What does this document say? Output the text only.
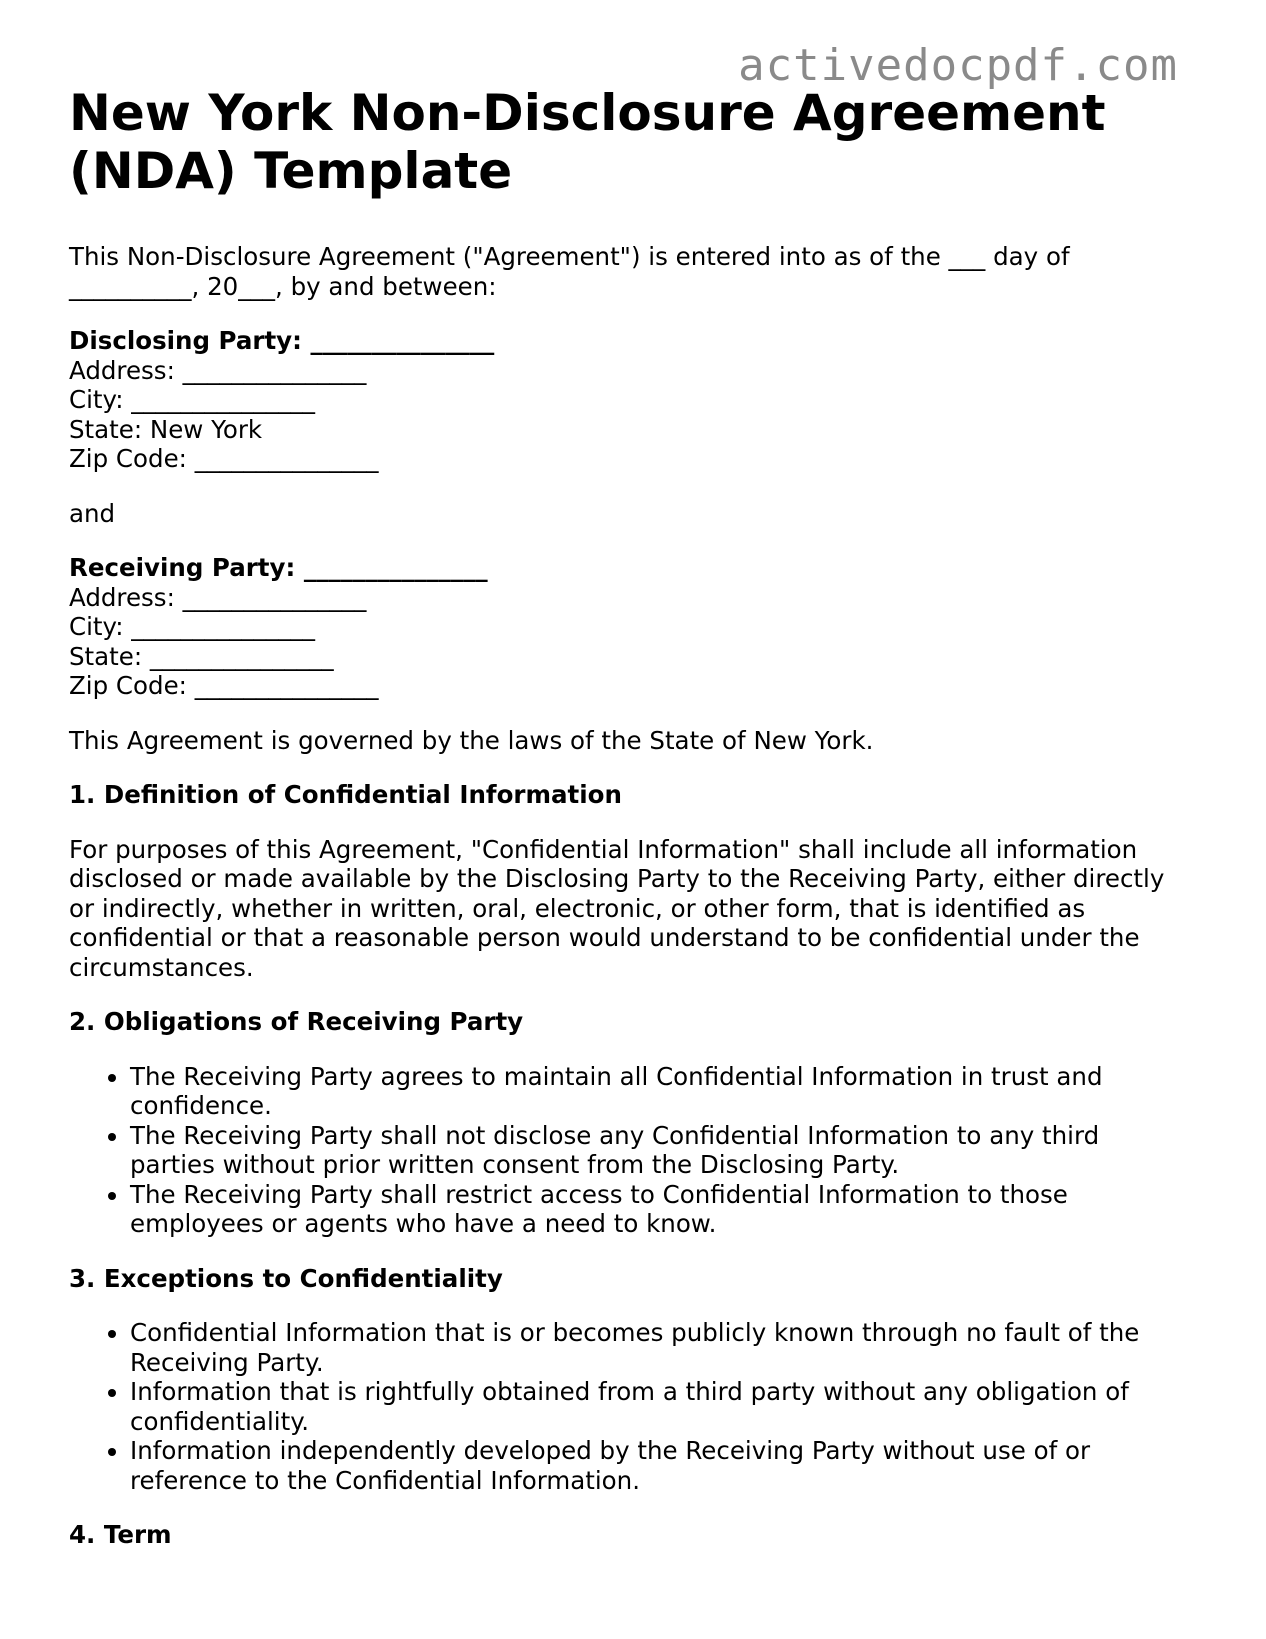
activedocpdf.com
New York Non-Disclosure Agreement (NDA) Template

This Non-Disclosure Agreement ("Agreement") is entered into as of the ___ day of __________, 20___, by and between:

Disclosing Party: _______________
Address: _______________
City: _______________
State: New York
Zip Code: _______________

and

Receiving Party: _______________
Address: _______________
City: _______________
State: _______________
Zip Code: _______________

This Agreement is governed by the laws of the State of New York.

1. Definition of Confidential Information

For purposes of this Agreement, "Confidential Information" shall include all information disclosed or made available by the Disclosing Party to the Receiving Party, either directly or indirectly, whether in written, oral, electronic, or other form, that is identified as confidential or that a reasonable person would understand to be confidential under the circumstances.

2. Obligations of Receiving Party
• The Receiving Party agrees to maintain all Confidential Information in trust and confidence.
• The Receiving Party shall not disclose any Confidential Information to any third parties without prior written consent from the Disclosing Party.
• The Receiving Party shall restrict access to Confidential Information to those employees or agents who have a need to know.
3. Exceptions to Confidentiality
• Confidential Information that is or becomes publicly known through no fault of the Receiving Party.
• Information that is rightfully obtained from a third party without any obligation of confidentiality.
• Information independently developed by the Receiving Party without use of or reference to the Confidential Information.
4. Term
